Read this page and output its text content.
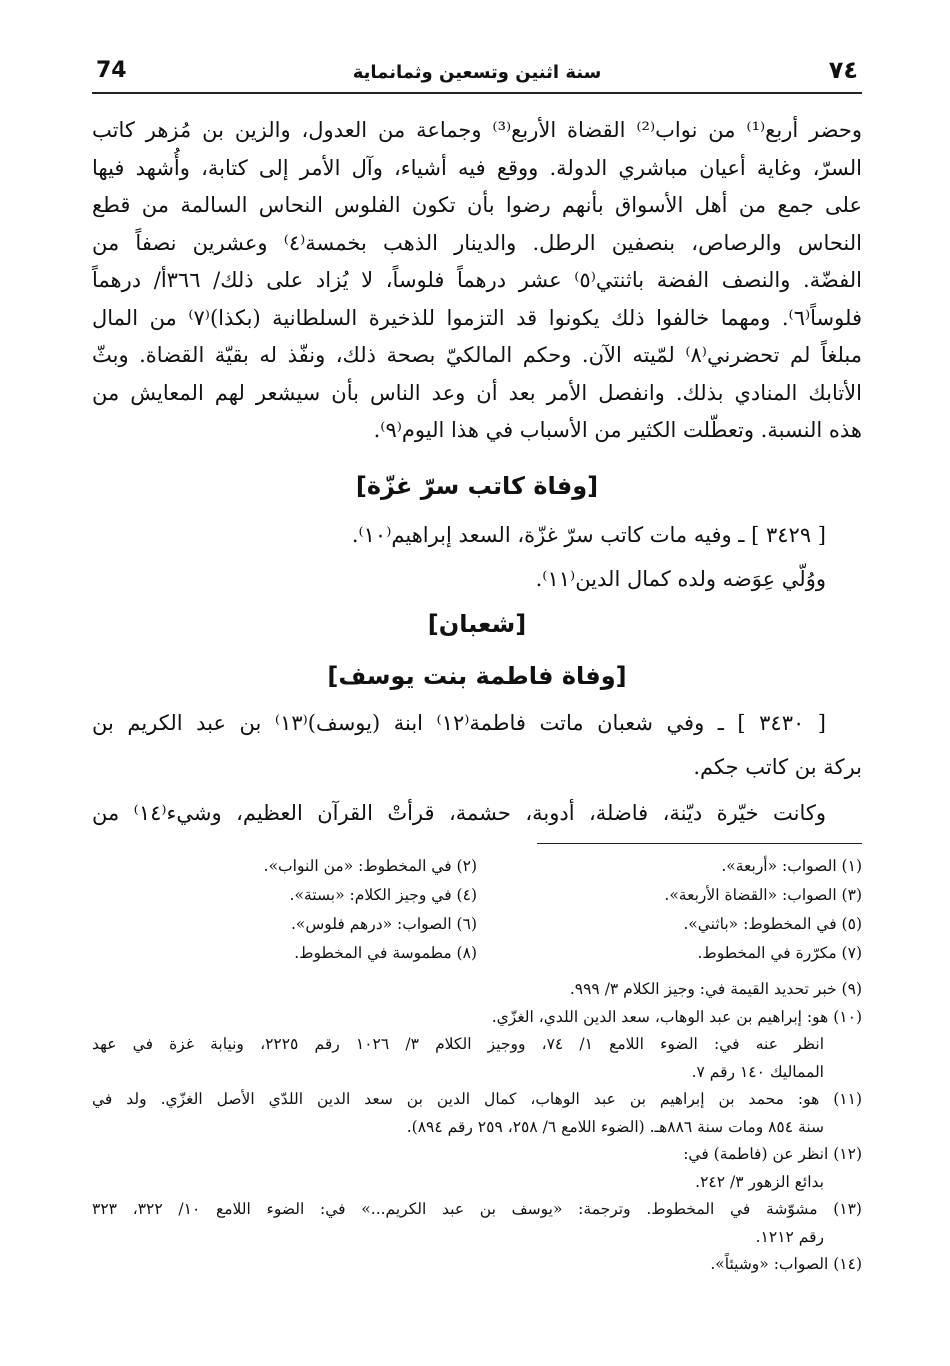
74	سنة اثنين وتسعين وثمانماية	٧٤

وحضر أربع⁽¹⁾ من نواب⁽²⁾ القضاة الأربع⁽³⁾ وجماعة من العدول، والزين بن مُزهر كاتب

السرّ، وغاية أعيان مباشري الدولة. ووقع فيه أشياء، وآل الأمر إلى كتابة، وأُشهد فيها

على جمع من أهل الأسواق بأنهم رضوا بأن تكون الفلوس النحاس السالمة من قطع

النحاس والرصاص، بنصفين الرطل. والدينار الذهب بخمسة⁽٤⁾ وعشرين نصفاً من

الفضّة. والنصف الفضة باثنتي⁽٥⁾ عشر درهماً فلوساً، لا يُزاد على ذلك/ ٣٦٦أ/ درهماً

فلوساً⁽٦⁾. ومهما خالفوا ذلك يكونوا قد التزموا للذخيرة السلطانية (بكذا)⁽٧⁾ من المال

مبلغاً لم تحضرني⁽٨⁾ لمّيته الآن. وحكم المالكيّ بصحة ذلك، ونفّذ له بقيّة القضاة. وبثّ

الأتابك المنادي بذلك. وانفصل الأمر بعد أن وعد الناس بأن سيشعر لهم المعايش من

هذه النسبة. وتعطّلت الكثير من الأسباب في هذا اليوم⁽٩⁾.

[وفاة كاتب سرّ غزّة]

[ ٣٤٢٩ ] ـ وفيه مات كاتب سرّ غزّة، السعد إبراهيم⁽١٠⁾.

ووُلّي عِوَضه ولده كمال الدين⁽١١⁾.

[شعبان]

[وفاة فاطمة بنت يوسف]

[ ٣٤٣٠ ] ـ وفي شعبان ماتت فاطمة⁽١٢⁾ ابنة (يوسف)⁽١٣⁾ بن عبد الكريم بن

بركة بن كاتب جكم.

وكانت خيّرة ديّنة، فاضلة، أدوبة، حشمة، قرأتْ القرآن العظيم، وشيء⁽١٤⁾ من

(١) الصواب: «أربعة».
(٢) في المخطوط: «من النواب».
(٣) الصواب: «القضاة الأربعة».
(٤) في وجيز الكلام: «بستة».
(٥) في المخطوط: «باثني».
(٦) الصواب: «درهم فلوس».
(٧) مكرّرة في المخطوط.
(٨) مطموسة في المخطوط.
(٩) خبر تحديد القيمة في: وجيز الكلام ٣/ ٩٩٩.
(١٠) هو: إبراهيم بن عبد الوهاب، سعد الدين اللدي، الغزّي.
انظر عنه في: الضوء اللامع ١/ ٧٤، ووجيز الكلام ٣/ ١٠٢٦ رقم ٢٢٢٥، ونيابة غزة في عهد
المماليك ١٤٠ رقم ٧.
(١١) هو: محمد بن إبراهيم بن عبد الوهاب، كمال الدين بن سعد الدين اللدّي الأصل الغزّي. ولد في
سنة ٨٥٤ ومات سنة ٨٨٦هـ. (الضوء اللامع ٦/ ٢٥٨، ٢٥٩ رقم ٨٩٤).
(١٢) انظر عن (فاطمة) في:
بدائع الزهور ٣/ ٢٤٢.
(١٣) مشوّشة في المخطوط. وترجمة: «يوسف بن عبد الكريم...» في: الضوء اللامع ١٠/ ٣٢٢، ٣٢٣
رقم ١٢١٢.
(١٤) الصواب: «وشيئاً».
